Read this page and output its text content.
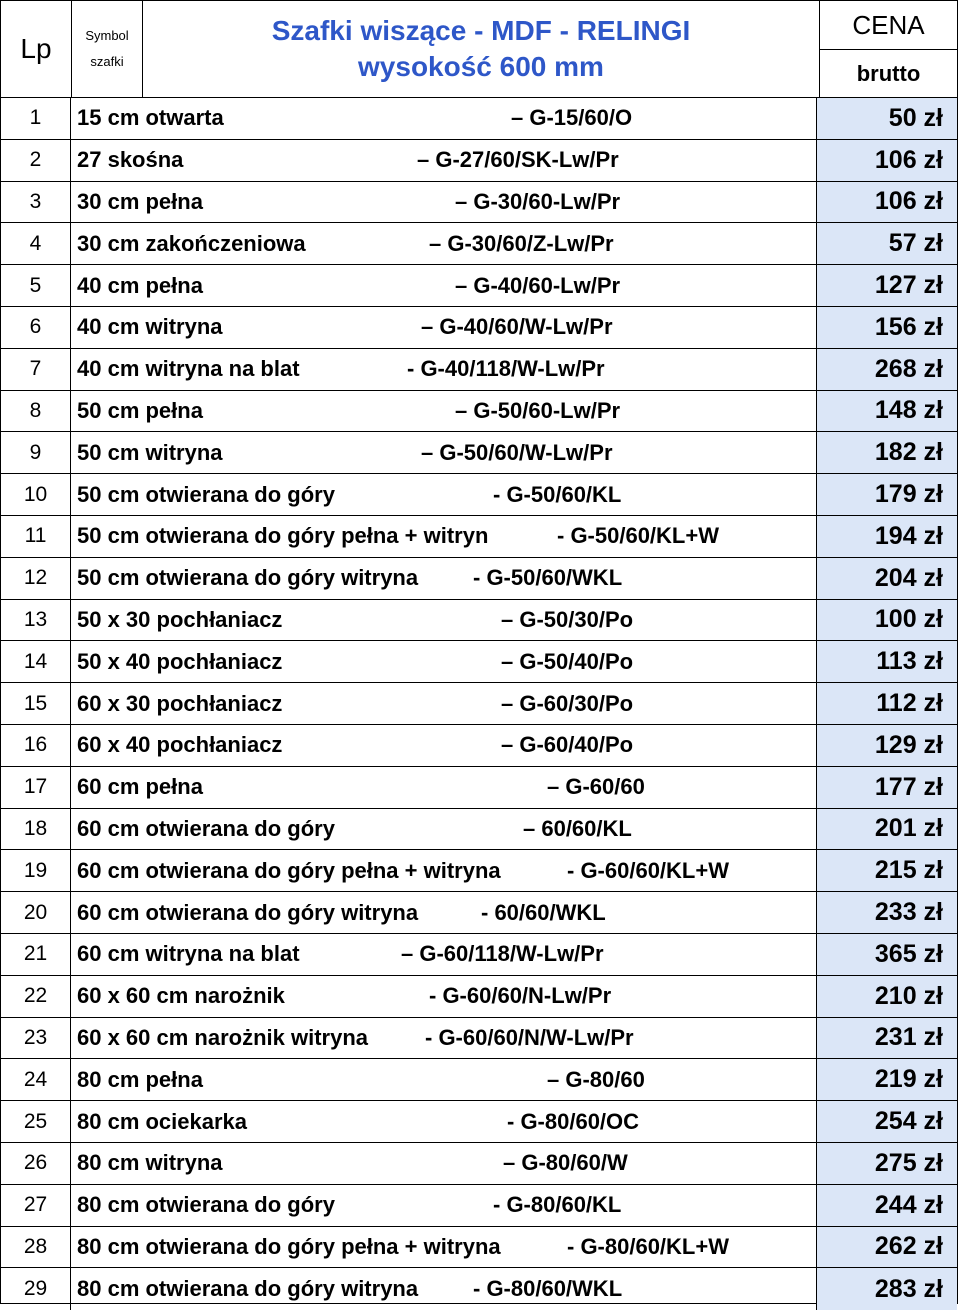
Lp	Symbol
szafki
Szafki wiszące - MDF - RELINGI
wysokość 600 mm
CENA
brutto
1	15 cm otwarta	– G-15/60/O	50 zł
2	27 skośna	– G-27/60/SK-Lw/Pr	106 zł
3	30 cm pełna	– G-30/60-Lw/Pr	106 zł
4	30 cm zakończeniowa	– G-30/60/Z-Lw/Pr	57 zł
5	40 cm pełna	– G-40/60-Lw/Pr	127 zł
6	40 cm witryna	– G-40/60/W-Lw/Pr	156 zł
7	40 cm witryna na blat	- G-40/118/W-Lw/Pr	268 zł
8	50 cm pełna	– G-50/60-Lw/Pr	148 zł
9	50 cm witryna	– G-50/60/W-Lw/Pr	182 zł
10	50 cm otwierana do góry	- G-50/60/KL	179 zł
11	50 cm otwierana do góry pełna + witryn	- G-50/60/KL+W	194 zł
12	50 cm otwierana do góry witryna - G-50/60/WKL	204 zł
13	50 x 30 pochłaniacz	– G-50/30/Po	100 zł
14	50 x 40 pochłaniacz	– G-50/40/Po	113 zł
15	60 x 30 pochłaniacz	– G-60/30/Po	112 zł
16	60 x 40 pochłaniacz	– G-60/40/Po	129 zł
17	60 cm pełna	– G-60/60	177 zł
18	60 cm otwierana do góry	– 60/60/KL	201 zł
19	60 cm otwierana do góry pełna + witryna	- G-60/60/KL+W	215 zł
20	60 cm otwierana do góry witryna	- 60/60/WKL	233 zł
21	60 cm witryna na blat	– G-60/118/W-Lw/Pr	365 zł
22	60 x 60 cm narożnik	- G-60/60/N-Lw/Pr	210 zł
23	60 x 60 cm narożnik witryna	- G-60/60/N/W-Lw/Pr	231 zł
24	80 cm pełna	– G-80/60	219 zł
25	80 cm ociekarka	- G-80/60/OC	254 zł
26	80 cm witryna	– G-80/60/W	275 zł
27	80 cm otwierana do góry	- G-80/60/KL	244 zł
28	80 cm otwierana do góry pełna + witryna	- G-80/60/KL+W	262 zł
29	80 cm otwierana do góry witryna - G-80/60/WKL	283 zł
